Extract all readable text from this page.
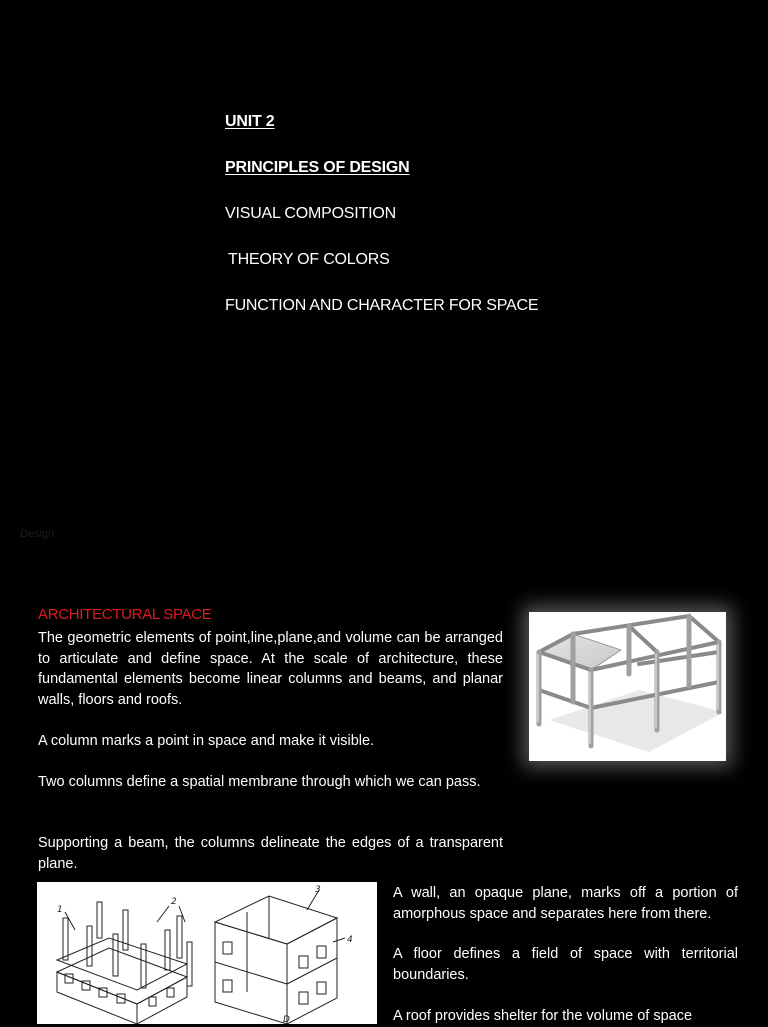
UNIT 2
PRINCIPLES OF DESIGN
VISUAL COMPOSITION
THEORY OF COLORS
FUNCTION AND CHARACTER FOR SPACE
Design
ARCHITECTURAL SPACE
The geometric elements of point,line,plane,and volume can be arranged to articulate and define space. At the scale of architecture, these fundamental elements become linear columns and beams, and planar walls, floors and roofs.
A column marks a point in space and make it visible.
Two columns define a spatial membrane through which we can pass.
Supporting a beam, the columns delineate the edges of a transparent plane.
A wall, an opaque plane, marks off a portion of amorphous space and separates here from there.
A floor defines a field of space with territorial boundaries.
A roof provides shelter for the volume of space
1
2
3
4
D
